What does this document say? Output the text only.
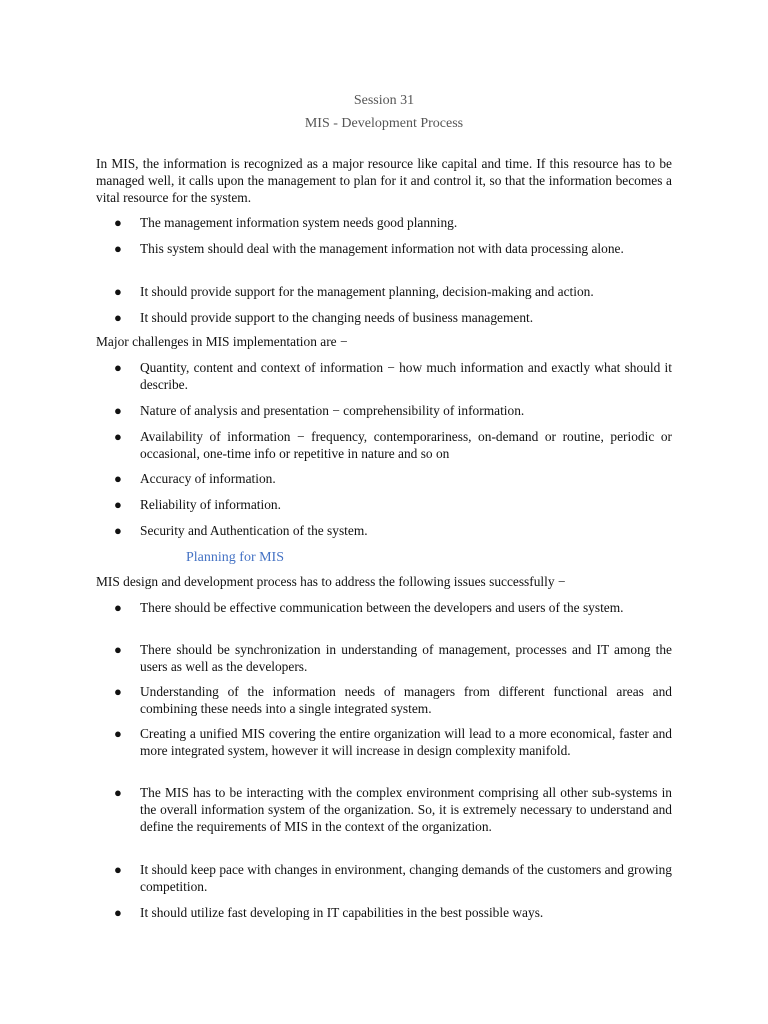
Session 31
MIS - Development Process

In MIS, the information is recognized as a major resource like capital and time. If this resource has to be managed well, it calls upon the management to plan for it and control it, so that the information becomes a vital resource for the system.

●	The management information system needs good planning.
●	This system should deal with the management information not with data processing alone.
●	It should provide support for the management planning, decision-making and action.
●	It should provide support to the changing needs of business management.

Major challenges in MIS implementation are −

●	Quantity, content and context of information − how much information and exactly what should it describe.
●	Nature of analysis and presentation − comprehensibility of information.
●	Availability of information − frequency, contemporariness, on-demand or routine, periodic or occasional, one-time info or repetitive in nature and so on
●	Accuracy of information.
●	Reliability of information.
●	Security and Authentication of the system.
Planning for MIS

MIS design and development process has to address the following issues successfully −

●	There should be effective communication between the developers and users of the system.
●	There should be synchronization in understanding of management, processes and IT among the users as well as the developers.
●	Understanding of the information needs of managers from different functional areas and combining these needs into a single integrated system.
●	Creating a unified MIS covering the entire organization will lead to a more economical, faster and more integrated system, however it will increase in design complexity manifold.
●	The MIS has to be interacting with the complex environment comprising all other sub-systems in the overall information system of the organization. So, it is extremely necessary to understand and define the requirements of MIS in the context of the organization.
●	It should keep pace with changes in environment, changing demands of the customers and growing competition.
●	It should utilize fast developing in IT capabilities in the best possible ways.
